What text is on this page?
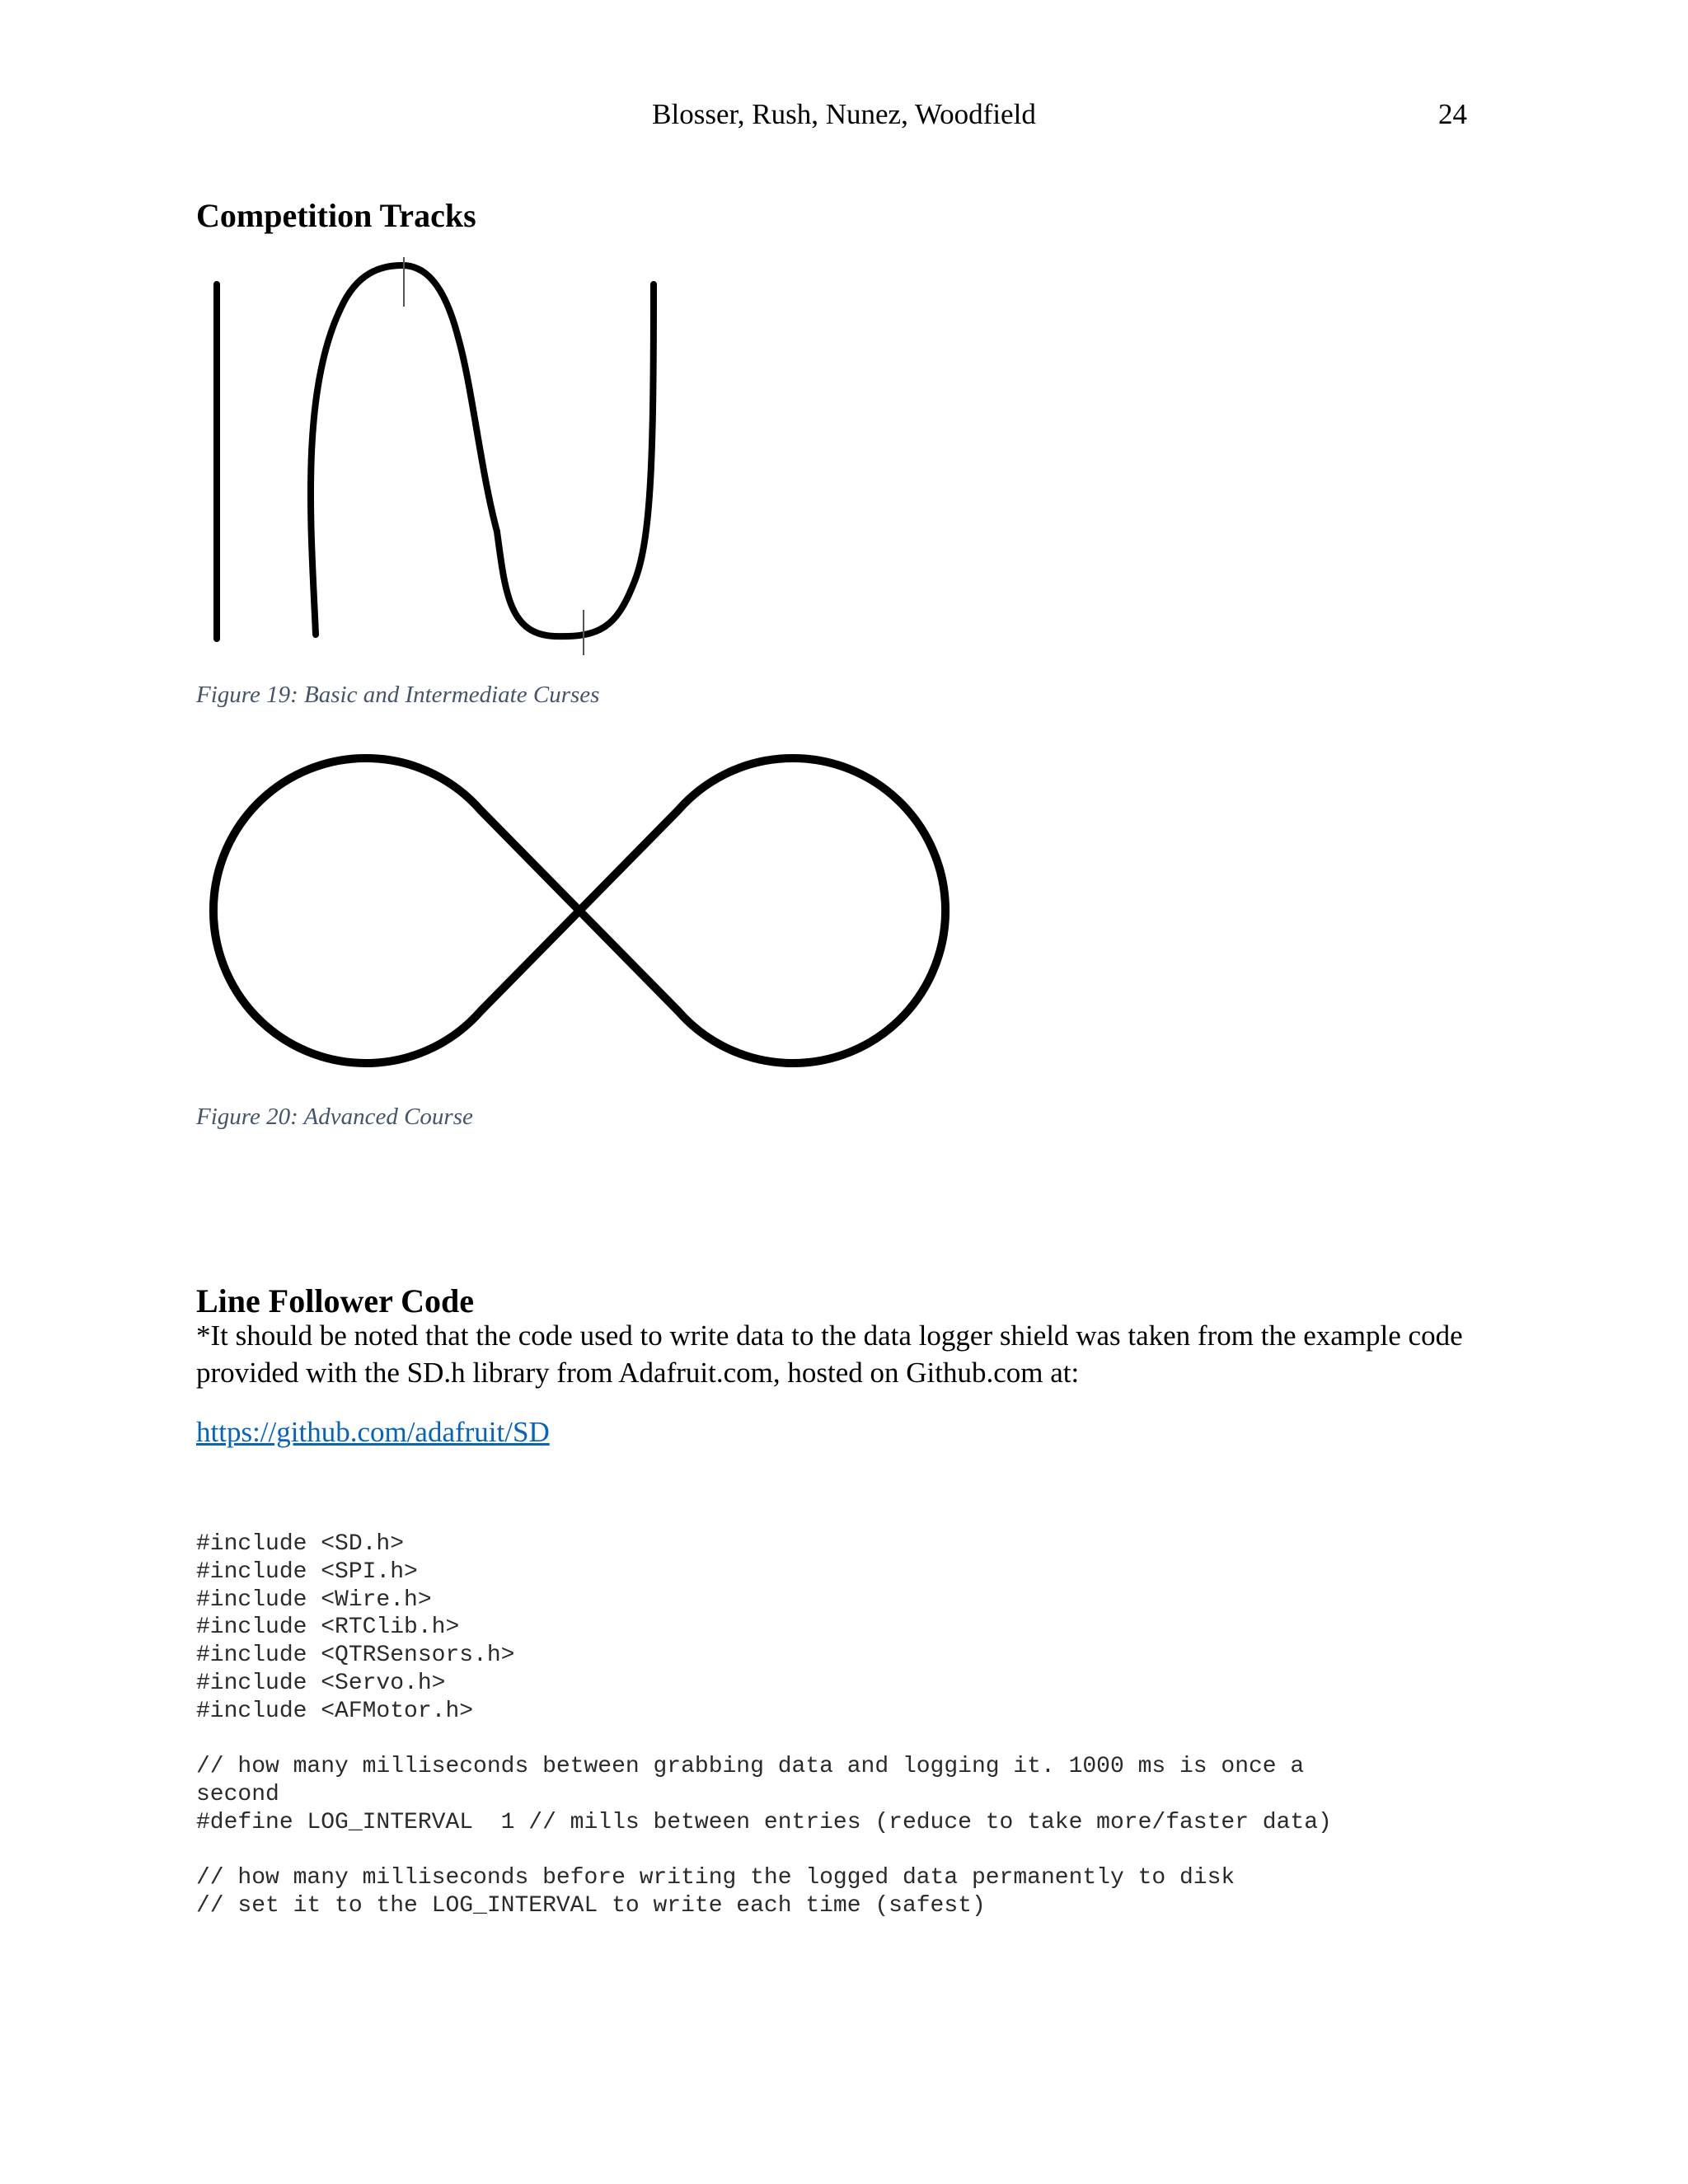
Blosser, Rush, Nunez, Woodfield	24
Competition Tracks
Figure 19: Basic and Intermediate Curses
Figure 20: Advanced Course
Line Follower Code
*It should be noted that the code used to write data to the data logger shield was taken from the example code provided with the SD.h library from Adafruit.com, hosted on Github.com at:
https://github.com/adafruit/SD
#include <SD.h>
#include <SPI.h>
#include <Wire.h>
#include <RTClib.h>
#include <QTRSensors.h>
#include <Servo.h>
#include <AFMotor.h>

// how many milliseconds between grabbing data and logging it. 1000 ms is once a
second
#define LOG_INTERVAL  1 // mills between entries (reduce to take more/faster data)

// how many milliseconds before writing the logged data permanently to disk
// set it to the LOG_INTERVAL to write each time (safest)
